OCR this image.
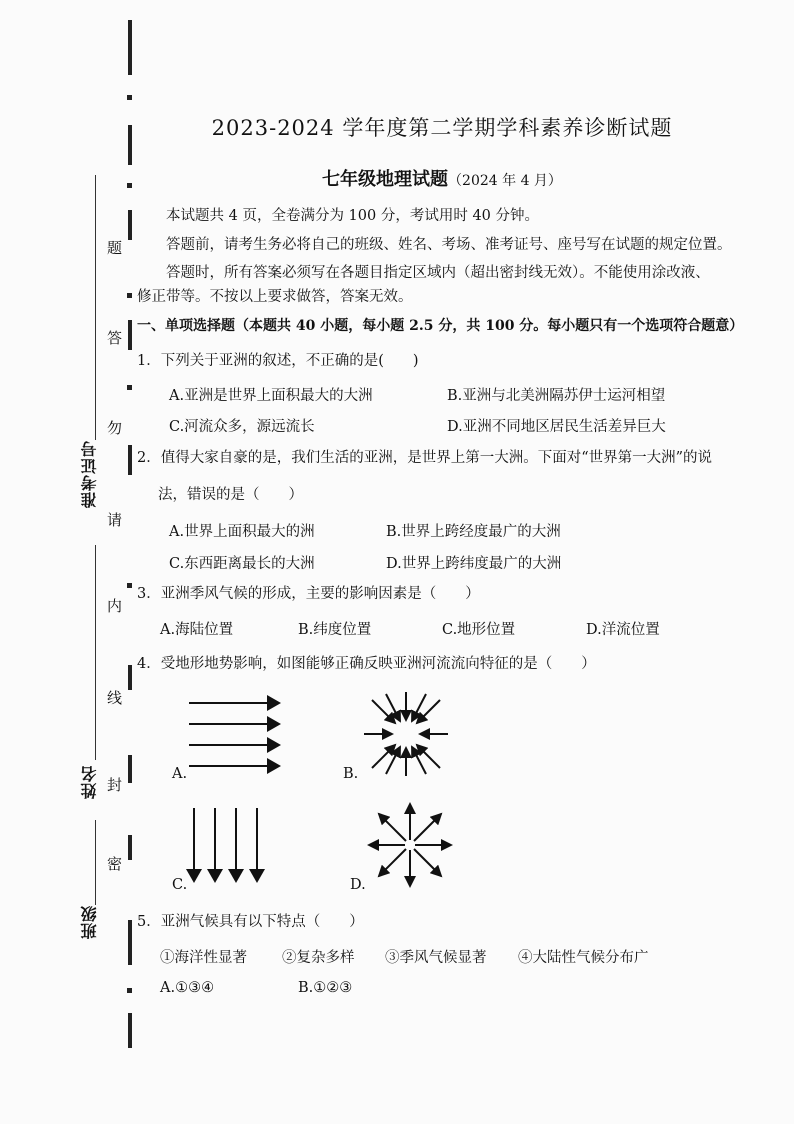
题
答
勿
请
内
线
封
密
准考证号
姓名
班级
2023-2024 学年度第二学期学科素养诊断试题
七年级地理试题（2024 年 4 月）
本试题共 4 页，全卷满分为 100 分，考试用时 40 分钟。
答题前，请考生务必将自己的班级、姓名、考场、准考证号、座号写在试题的规定位置。
答题时，所有答案必须写在各题目指定区域内（超出密封线无效）。不能使用涂改液、
修正带等。不按以上要求做答，答案无效。
一、单项选择题（本题共 40 小题，每小题 2.5 分，共 100 分。每小题只有一个选项符合题意）
1．下列关于亚洲的叙述，不正确的是(　　)
A.亚洲是世界上面积最大的大洲	B.亚洲与北美洲隔苏伊士运河相望
C.河流众多，源远流长	D.亚洲不同地区居民生活差异巨大
2．值得大家自豪的是，我们生活的亚洲，是世界上第一大洲。下面对“世界第一大洲”的说
法，错误的是（　　）
A.世界上面积最大的洲	B.世界上跨经度最广的大洲
C.东西距离最长的大洲	D.世界上跨纬度最广的大洲
3．亚洲季风气候的形成，主要的影响因素是（　　）
A.海陆位置	B.纬度位置	C.地形位置	D.洋流位置
4．受地形地势影响，如图能够正确反映亚洲河流流向特征的是（　　）
A.	B.
C.	D.
5．亚洲气候具有以下特点（　　）
①海洋性显著 ②复杂多样 ③季风气候显著 ④大陆性气候分布广
A.①③④	B.①②③
